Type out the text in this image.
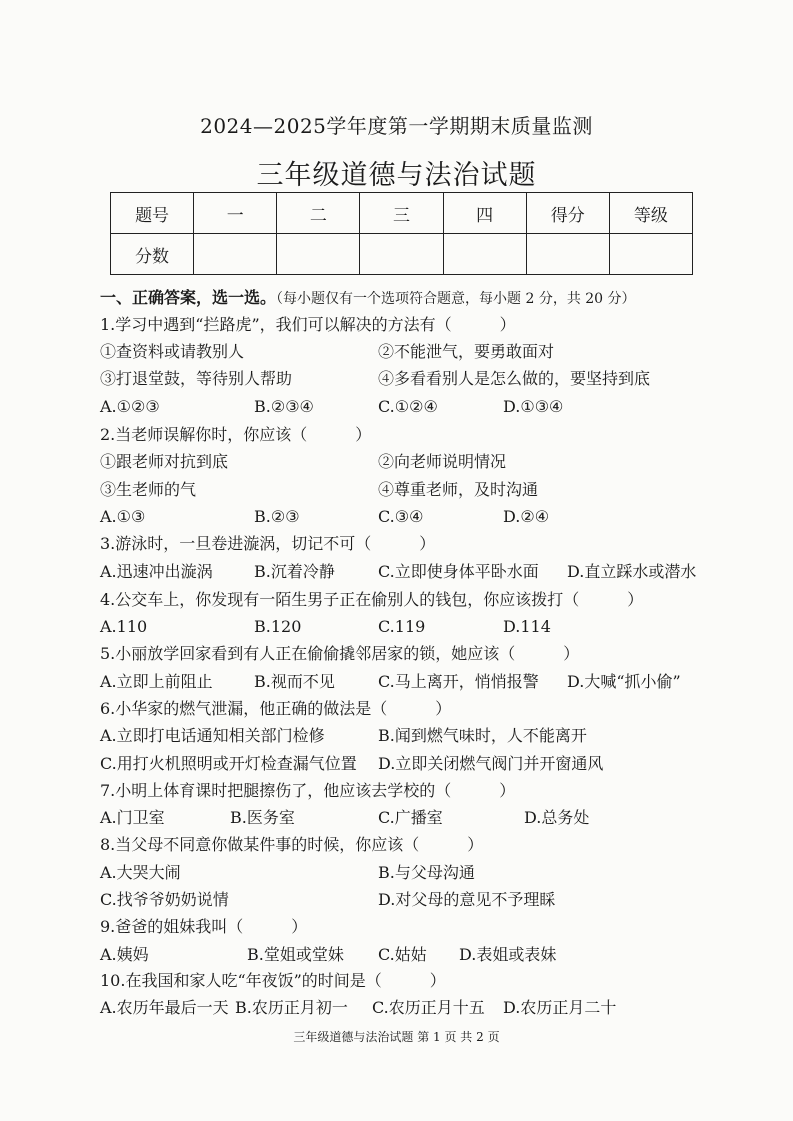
2024—2025学年度第一学期期末质量监测
三年级道德与法治试题
题号	一	二	三	四	得分	等级
分数						
一、正确答案，选一选。（每小题仅有一个选项符合题意，每小题 2 分，共 20 分）
1.学习中遇到“拦路虎”，我们可以解决的方法有（　　　）
①查资料或请教别人	②不能泄气，要勇敢面对
③打退堂鼓，等待别人帮助	④多看看别人是怎么做的，要坚持到底
A.①②③	B.②③④	C.①②④	D.①③④
2.当老师误解你时，你应该（　　　）
①跟老师对抗到底	②向老师说明情况
③生老师的气	④尊重老师，及时沟通
A.①③	B.②③	C.③④	D.②④
3.游泳时，一旦卷进漩涡，切记不可（　　　）
A.迅速冲出漩涡	B.沉着冷静	C.立即使身体平卧水面 D.直立踩水或潜水
4.公交车上，你发现有一陌生男子正在偷别人的钱包，你应该拨打（　　　）
A.110	B.120	C.119	D.114
5.小丽放学回家看到有人正在偷偷撬邻居家的锁，她应该（　　　）
A.立即上前阻止	B.视而不见	C.马上离开，悄悄报警 D.大喊“抓小偷”
6.小华家的燃气泄漏，他正确的做法是（　　　）
A.立即打电话通知相关部门检修	B.闻到燃气味时，人不能离开
C.用打火机照明或开灯检查漏气位置 D.立即关闭燃气阀门并开窗通风
7.小明上体育课时把腿擦伤了，他应该去学校的（　　　）
A.门卫室	B.医务室	C.广播室	D.总务处
8.当父母不同意你做某件事的时候，你应该（　　　）
A.大哭大闹	B.与父母沟通
C.找爷爷奶奶说情	D.对父母的意见不予理睬
9.爸爸的姐妹我叫（　　　）
A.姨妈	B.堂姐或堂妹 C.姑姑 D.表姐或表妹
10.在我国和家人吃“年夜饭”的时间是（　　　）
A.农历年最后一天 B.农历正月初一 C.农历正月十五 D.农历正月二十
三年级道德与法治试题 第 1 页 共 2 页
